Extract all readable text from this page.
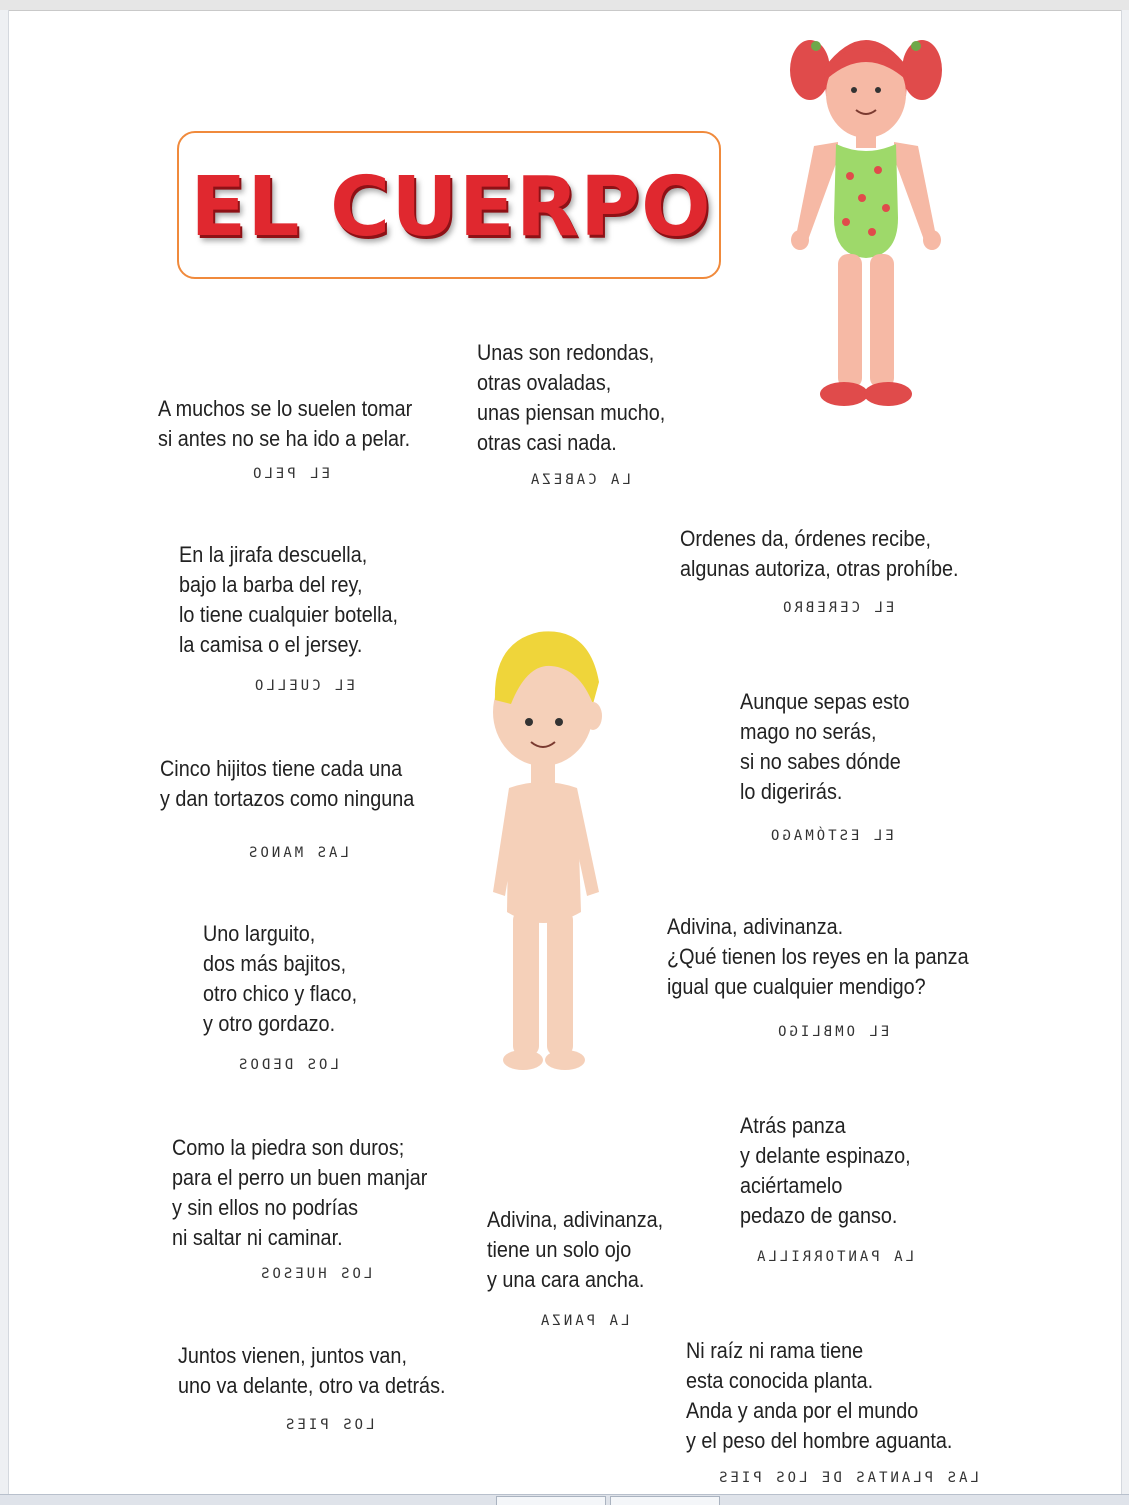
EL CUERPO
A muchos se lo suelen tomar
si antes no se ha ido a pelar.
EL PELO
Unas son redondas,
otras ovaladas,
unas piensan mucho,
otras casi nada.
LA CABEZA
En la jirafa descuella,
bajo la barba del rey,
lo tiene cualquier botella,
la camisa o el jersey.
EL CUELLO
Ordenes da, órdenes recibe,
algunas autoriza, otras prohíbe.
EL CEREBRO
Aunque sepas esto
mago no serás,
si no sabes dónde
lo digerirás.
EL ESTÓMAGO
Cinco hijitos tiene cada una
y dan tortazos como ninguna
LAS MANOS
Uno larguito,
dos más bajitos,
otro chico y flaco,
y otro gordazo.
LOS DEDOS
Adivina, adivinanza.
¿Qué tienen los reyes en la panza
igual que cualquier mendigo?
EL OMBLIGO
Como la piedra son duros;
para el perro un buen manjar
y sin ellos no podrías
ni saltar ni caminar.
LOS HUESOS
Atrás panza
y delante espinazo,
aciértamelo
pedazo de ganso.
LA PANTORRILLA
Adivina, adivinanza,
tiene un solo ojo
y una cara ancha.
LA PANZA
Juntos vienen, juntos van,
uno va delante, otro va detrás.
LOS PIES
Ni raíz ni rama tiene
esta conocida planta.
Anda y anda por el mundo
y el peso del hombre aguanta.
LAS PLANTAS DE LOS PIES
